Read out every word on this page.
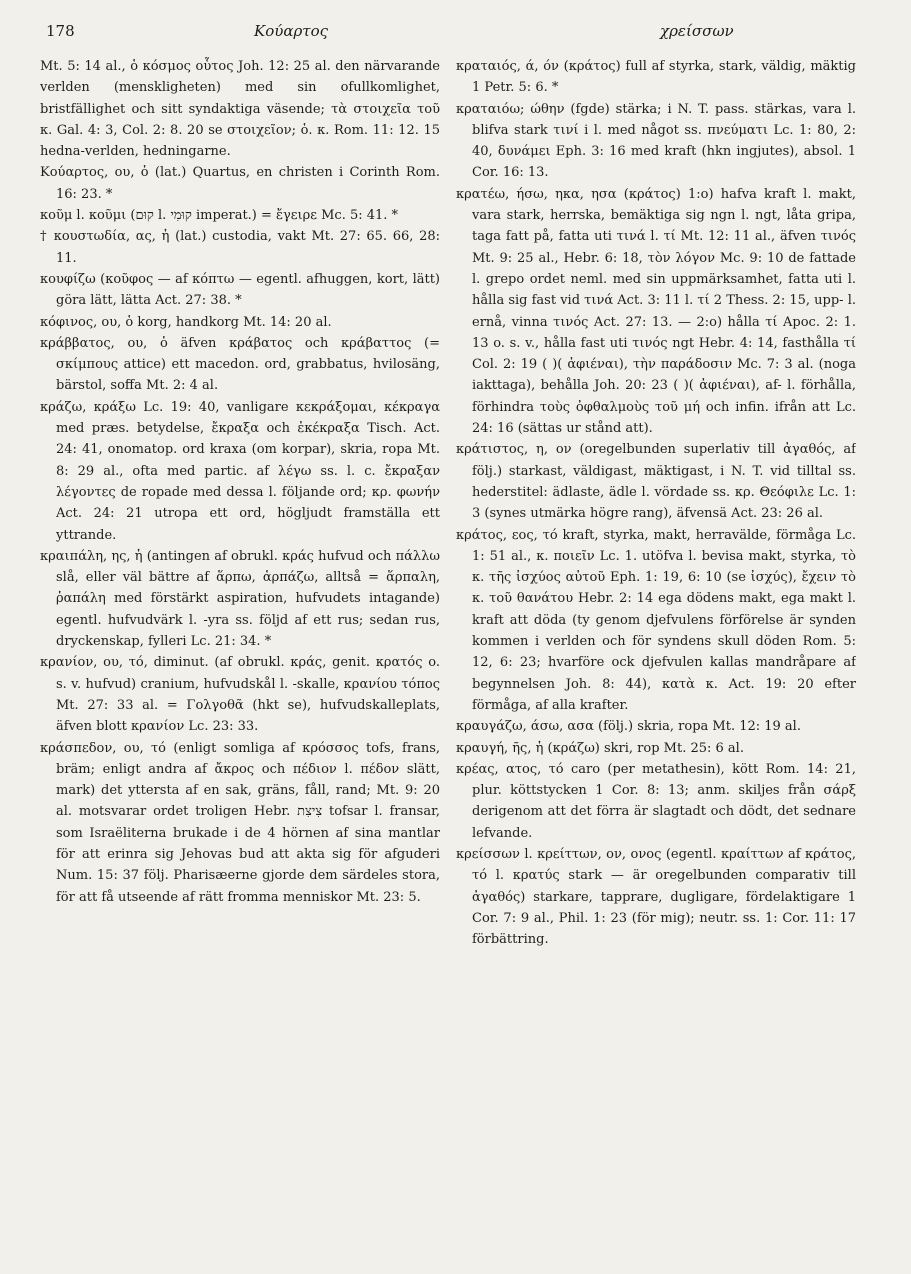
178	Κούαρτος	χρείσσων

Mt. 5: 14 al., ὁ κόσμος οὗτος Joh. 12: 25 al. den närvarande verlden (menskligheten) med sin ofullkomlighet, bristfällighet och sitt syndaktiga väsende; τὰ στοιχεῖα τοῦ κ. Gal. 4: 3, Col. 2: 8. 20 se στοιχεῖον; ὁ. κ. Rom. 11: 12. 15 hedna-verlden, hedningarne.

Κούαρτος, ου, ὁ (lat.) Quartus, en christen i Corinth Rom. 16: 23. *

κοῦμ l. κοῦμι (קוּם l. קוּמִי imperat.) = ἔγειρε Mc. 5: 41. *

† κουστωδία, ας, ἡ (lat.) custodia, vakt Mt. 27: 65. 66, 28: 11.

κουφίζω (κοῦφος — af κόπτω — egentl. afhuggen, kort, lätt) göra lätt, lätta Act. 27: 38. *

κόφινος, ου, ὁ korg, handkorg Mt. 14: 20 al.

κράββατος, ου, ὁ äfven κράβατος och κράβαττος (= σκίμπους attice) ett macedon. ord, grabbatus, hvilosäng, bärstol, soffa Mt. 2: 4 al.

κράζω, κράξω Lc. 19: 40, vanligare κεκράξομαι, κέκραγα med præs. betydelse, ἔκραξα och ἐκέκραξα Tisch. Act. 24: 41, onomatop. ord kraxa (om korpar), skria, ropa Mt. 8: 29 al., ofta med partic. af λέγω ss. l. c. ἔκραξαν λέγοντες de ropade med dessa l. följande ord; κρ. φωνήν Act. 24: 21 utropa ett ord, högljudt framställa ett yttrande.

κραιπάλη, ης, ἡ (antingen af obrukl. κράς hufvud och πάλλω slå, eller väl bättre af ἅρπω, ἁρπάζω, alltså = ἅρπαλη, ῥαπάλη med förstärkt aspiration, hufvudets intagande) egentl. hufvudvärk l. -yra ss. följd af ett rus; sedan rus, dryckenskap, fylleri Lc. 21: 34. *

κρανίον, ου, τό, diminut. (af obrukl. κράς, genit. κρατός o. s. v. hufvud) cranium, hufvudskål l. -skalle, κρανίου τόπος Mt. 27: 33 al. = Γολγοθᾶ (hkt se), hufvudskalleplats, äfven blott κρανίον Lc. 23: 33.

κράσπεδον, ου, τό (enligt somliga af κρόσσος tofs, frans, bräm; enligt andra af ἄκρος och πέδιον l. πέδον slätt, mark) det yttersta af en sak, gräns, fåll, rand; Mt. 9: 20 al. motsvarar ordet troligen Hebr. צִיצִת tofsar l. fransar, som Israëliterna brukade i de 4 hörnen af sina mantlar för att erinra sig Jehovas bud att akta sig för afguderi Num. 15: 37 följ. Pharisæerne gjorde dem särdeles stora, för att få utseende af rätt fromma menniskor Mt. 23: 5.

κραταιός, ά, όν (κράτος) full af styrka, stark, väldig, mäktig 1 Petr. 5: 6. *

κραταιόω; ώθην (fgde) stärka; i N. T. pass. stärkas, vara l. blifva stark τινί i l. med något ss. πνεύματι Lc. 1: 80, 2: 40, δυνάμει Eph. 3: 16 med kraft (hkn ingjutes), absol. 1 Cor. 16: 13.

κρατέω, ήσω, ηκα, ησα (κράτος) 1:o) hafva kraft l. makt, vara stark, herrska, bemäktiga sig ngn l. ngt, låta gripa, taga fatt på, fatta uti τινά l. τί Mt. 12: 11 al., äfven τινός Mt. 9: 25 al., Hebr. 6: 18, τὸν λόγον Mc. 9: 10 de fattade l. grepo ordet neml. med sin uppmärksamhet, fatta uti l. hålla sig fast vid τινά Act. 3: 11 l. τί 2 Thess. 2: 15, upp- l. ernå, vinna τινός Act. 27: 13. — 2:o) hålla τί Apoc. 2: 1. 13 o. s. v., hålla fast uti τινός ngt Hebr. 4: 14, fasthålla τί Col. 2: 19 ( )( ἀφιέναι), τὴν παράδοσιν Mc. 7: 3 al. (noga iakttaga), behålla Joh. 20: 23 ( )( ἀφιέναι), af- l. förhålla, förhindra τοὺς ὀφθαλμοὺς τοῦ μή och infin. ifrån att Lc. 24: 16 (sättas ur stånd att).

κράτιστος, η, ον (oregelbunden superlativ till ἀγαθός, af följ.) starkast, väldigast, mäktigast, i N. T. vid tilltal ss. hederstitel: ädlaste, ädle l. vördade ss. κρ. Θεόφιλε Lc. 1: 3 (synes utmärka högre rang), äfvensä Act. 23: 26 al.

κράτος, εος, τό kraft, styrka, makt, herravälde, förmåga Lc. 1: 51 al., κ. ποιεῖν Lc. 1. utöfva l. bevisa makt, styrka, τὸ κ. τῆς ἰσχύος αὐτοῦ Eph. 1: 19, 6: 10 (se ἰσχύς), ἔχειν τὸ κ. τοῦ θανάτου Hebr. 2: 14 ega dödens makt, ega makt l. kraft att döda (ty genom djefvulens förförelse är synden kommen i verlden och för syndens skull döden Rom. 5: 12, 6: 23; hvarföre ock djefvulen kallas mandråpare af begynnelsen Joh. 8: 44), κατὰ κ. Act. 19: 20 efter förmåga, af alla krafter.

κραυγάζω, άσω, ασα (följ.) skria, ropa Mt. 12: 19 al.

κραυγή, ῆς, ἡ (κράζω) skri, rop Mt. 25: 6 al.

κρέας, ατος, τό caro (per metathesin), kött Rom. 14: 21, plur. köttstycken 1 Cor. 8: 13; anm. skiljes från σάρξ derigenom att det förra är slagtadt och dödt, det sednare lefvande.

κρείσσων l. κρείττων, ον, ονος (egentl. κραίττων af κράτος, τό l. κρατύς stark — är oregelbunden comparativ till ἀγαθός) starkare, tapprare, dugligare, fördelaktigare 1 Cor. 7: 9 al., Phil. 1: 23 (för mig); neutr. ss. 1: Cor. 11: 17 förbättring.
